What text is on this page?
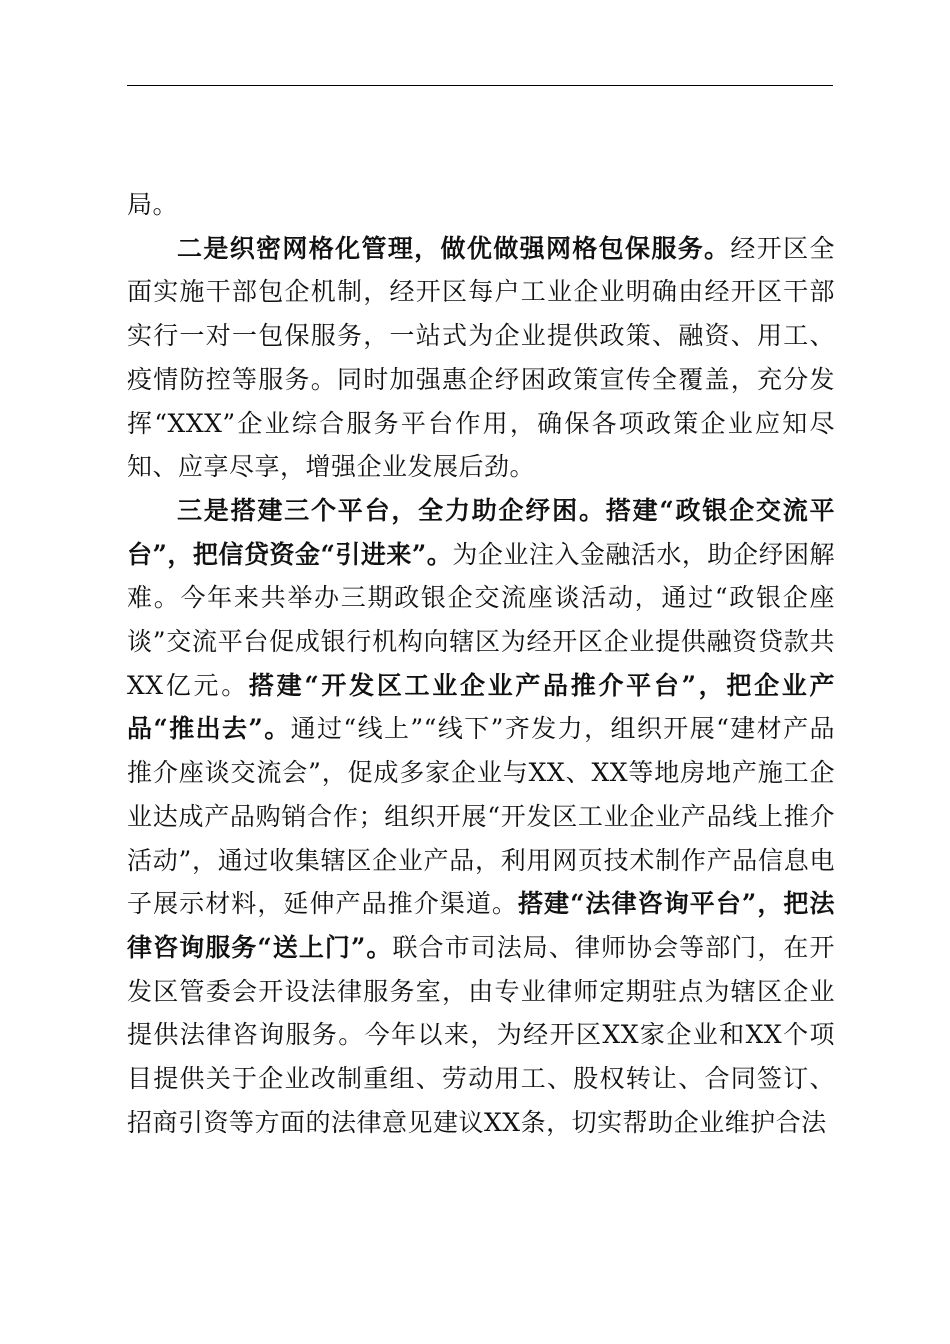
局。

二是织密网格化管理，做优做强网格包保服务。经开区全面实施干部包企机制，经开区每户工业企业明确由经开区干部实行一对一包保服务，一站式为企业提供政策、融资、用工、疫情防控等服务。同时加强惠企纾困政策宣传全覆盖，充分发挥“XXX”企业综合服务平台作用，确保各项政策企业应知尽知、应享尽享，增强企业发展后劲。

三是搭建三个平台，全力助企纾困。搭建“政银企交流平台”，把信贷资金“引进来”。为企业注入金融活水，助企纾困解难。今年来共举办三期政银企交流座谈活动，通过“政银企座谈”交流平台促成银行机构向辖区为经开区企业提供融资贷款共XX亿元。搭建“开发区工业企业产品推介平台”，把企业产品“推出去”。通过“线上”“线下”齐发力，组织开展“建材产品推介座谈交流会”，促成多家企业与XX、XX等地房地产施工企业达成产品购销合作；组织开展“开发区工业企业产品线上推介活动”，通过收集辖区企业产品，利用网页技术制作产品信息电子展示材料，延伸产品推介渠道。搭建“法律咨询平台”，把法律咨询服务“送上门”。联合市司法局、律师协会等部门，在开发区管委会开设法律服务室，由专业律师定期驻点为辖区企业提供法律咨询服务。今年以来，为经开区XX家企业和XX个项目提供关于企业改制重组、劳动用工、股权转让、合同签订、招商引资等方面的法律意见建议XX条，切实帮助企业维护合法
